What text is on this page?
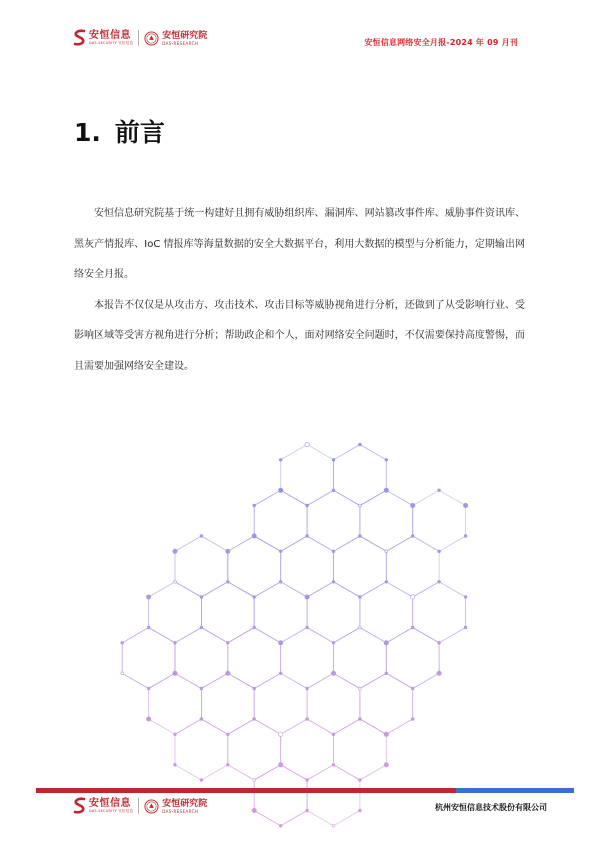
安恒信息
DAS-SECURITY 安恒信息
安恒研究院
DAS-RESEARCH	安恒信息网络安全月报-2024 年 09 月刊
1. 前言

安恒信息研究院基于统一构建好且拥有威胁组织库、漏洞库、网站篡改事件库、威胁事件资讯库、黑灰产情报库、IoC 情报库等海量数据的安全大数据平台，利用大数据的模型与分析能力，定期输出网络安全月报。

本报告不仅仅是从攻击方、攻击技术、攻击目标等威胁视角进行分析，还做到了从受影响行业、受影响区域等受害方视角进行分析；帮助政企和个人，面对网络安全问题时，不仅需要保持高度警惕，而且需要加强网络安全建设。

安恒信息
DAS-SECURITY 安恒信息
安恒研究院
DAS-RESEARCH	杭州安恒信息技术股份有限公司
